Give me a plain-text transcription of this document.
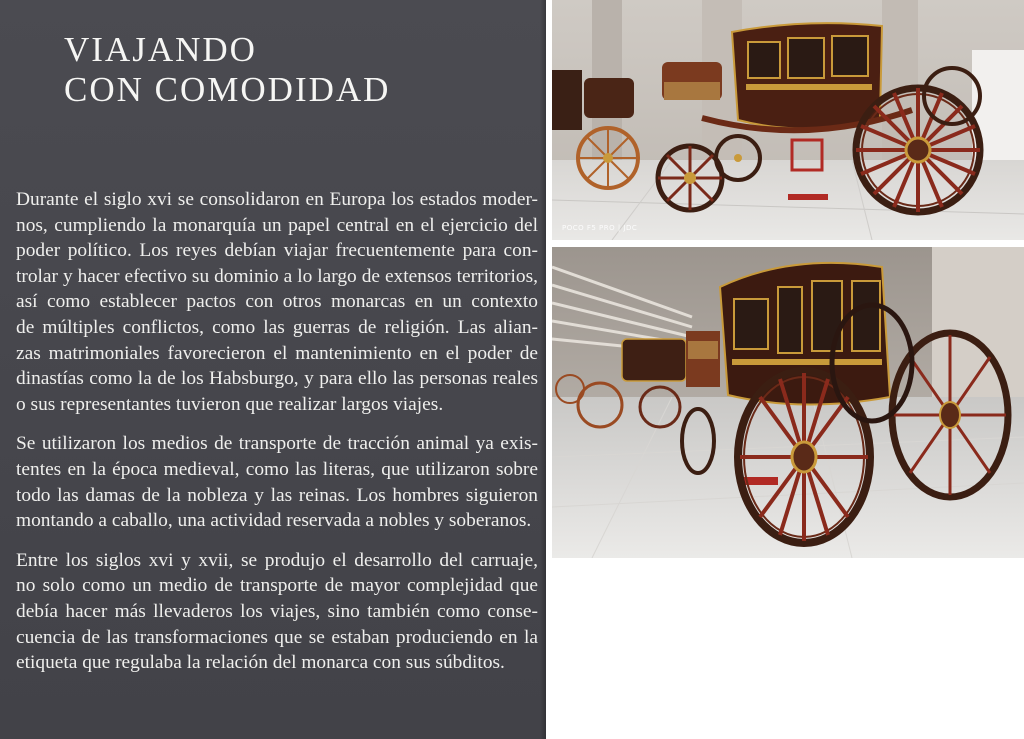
VIAJANDO
CON COMODIDAD

Durante el siglo xvi se consolidaron en Europa los estados moder-
nos, cumpliendo la monarquía un papel central en el ejercicio del
poder político. Los reyes debían viajar frecuentemente para con-
trolar y hacer efectivo su dominio a lo largo de extensos territorios,
así como establecer pactos con otros monarcas en un contexto
de múltiples conflictos, como las guerras de religión. Las alian-
zas matrimoniales favorecieron el mantenimiento en el poder de
dinastías como la de los Habsburgo, y para ello las personas reales
o sus representantes tuvieron que realizar largos viajes.

Se utilizaron los medios de transporte de tracción animal ya exis-
tentes en la época medieval, como las literas, que utilizaron sobre
todo las damas de la nobleza y las reinas. Los hombres siguieron
montando a caballo, una actividad reservada a nobles y soberanos.

Entre los siglos xvi y xvii, se produjo el desarrollo del carruaje,
no solo como un medio de transporte de mayor complejidad que
debía hacer más llevaderos los viajes, sino también como conse-
cuencia de las transformaciones que se estaban produciendo en la
etiqueta que regulaba la relación del monarca con sus súbditos.

POCO F5 PRO | JDC
